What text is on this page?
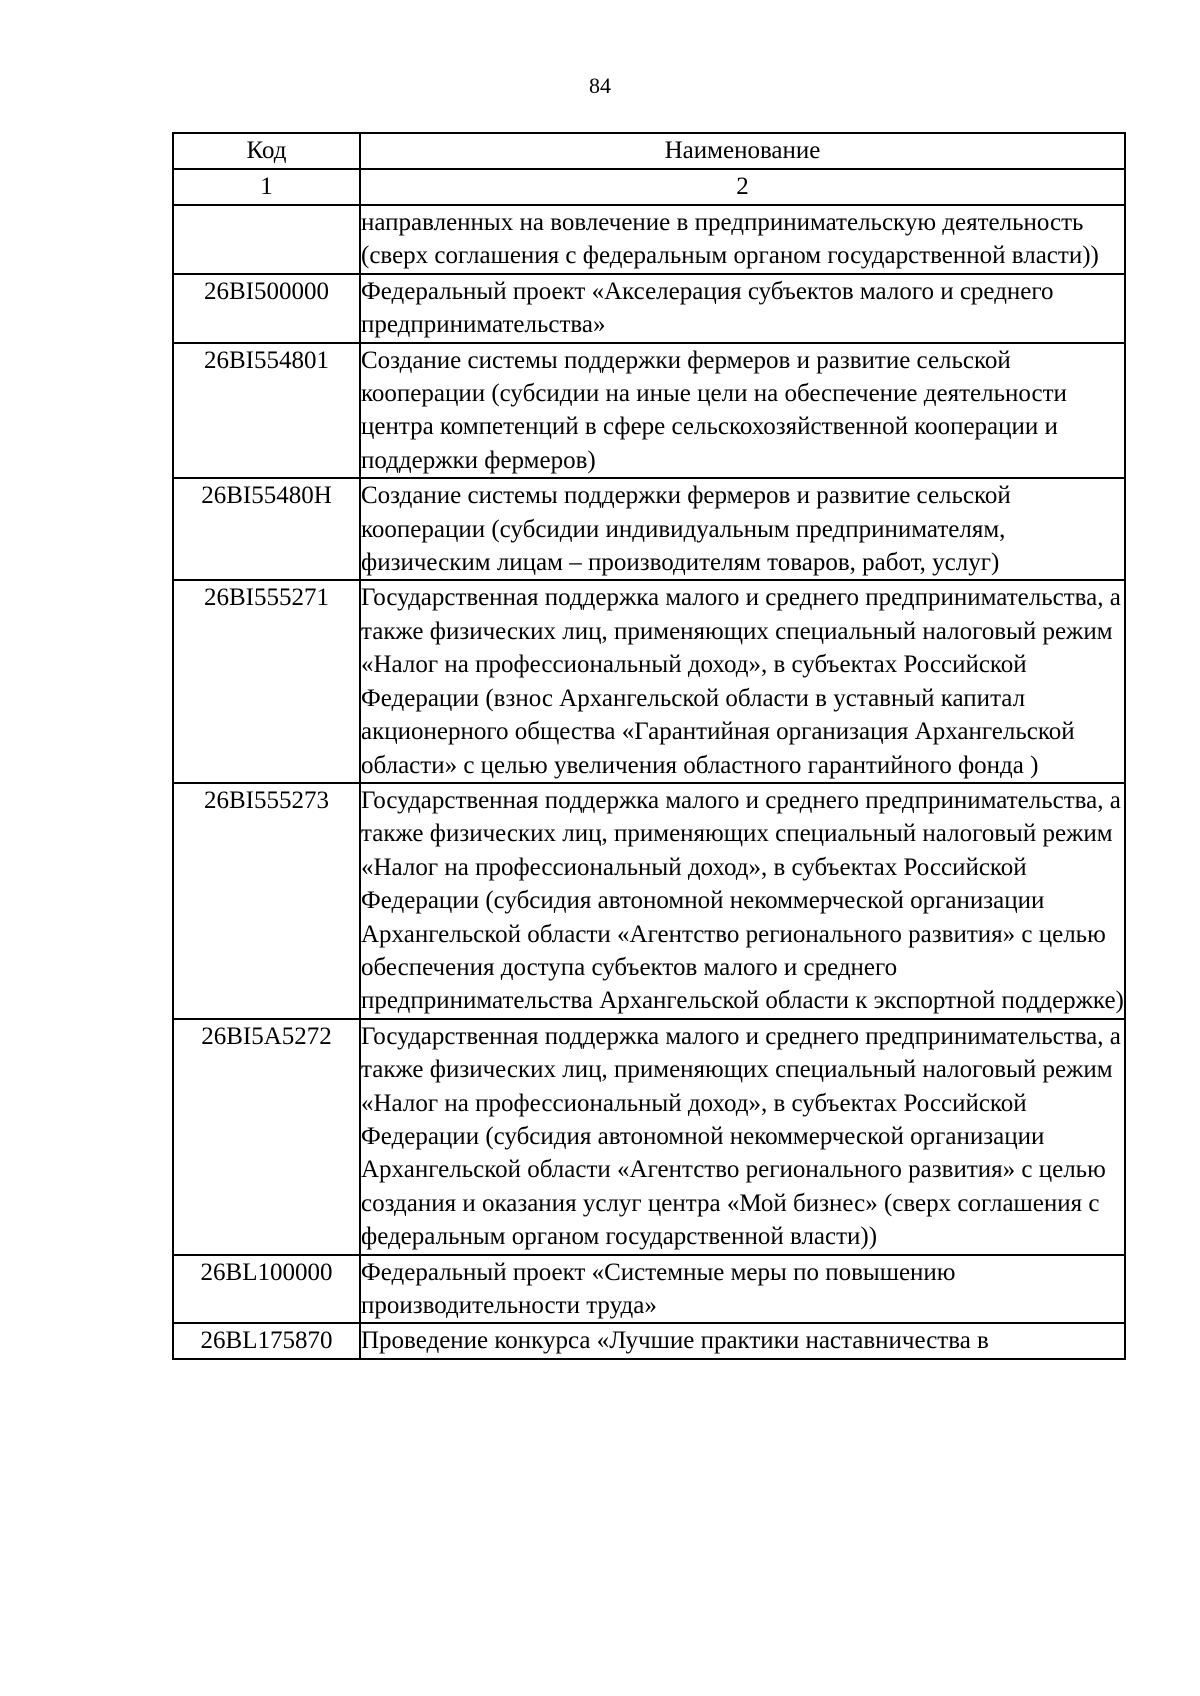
84
Код	Наименование
1	2
	направленных на вовлечение в предпринимательскую деятельность (сверх соглашения с федеральным органом государственной власти))
26BI500000	Федеральный проект «Акселерация субъектов малого и среднего предпринимательства»
26BI554801	Создание системы поддержки фермеров и развитие сельской кооперации (субсидии на иные цели на обеспечение деятельности центра компетенций в сфере сельскохозяйственной кооперации и поддержки фермеров)
26BI55480Н	Создание системы поддержки фермеров и развитие сельской кооперации (субсидии индивидуальным предпринимателям, физическим лицам – производителям товаров, работ, услуг)
26BI555271	Государственная поддержка малого и среднего предпринимательства, а также физических лиц, применяющих специальный налоговый режим «Налог на профессиональный доход», в субъектах Российской Федерации (взнос Архангельской области в уставный капитал акционерного общества «Гарантийная организация Архангельской области» с целью увеличения областного гарантийного фонда )
26BI555273	Государственная поддержка малого и среднего предпринимательства, а также физических лиц, применяющих специальный налоговый режим «Налог на профессиональный доход», в субъектах Российской Федерации (субсидия автономной некоммерческой организации Архангельской области «Агентство регионального развития» с целью обеспечения доступа субъектов малого и среднего предпринимательства Архангельской области к экспортной поддержке)
26BI5A5272	Государственная поддержка малого и среднего предпринимательства, а также физических лиц, применяющих специальный налоговый режим «Налог на профессиональный доход», в субъектах Российской Федерации (субсидия автономной некоммерческой организации Архангельской области «Агентство регионального развития» с целью создания и оказания услуг центра «Мой бизнес» (сверх соглашения с федеральным органом государственной власти))
26BL100000	Федеральный проект «Системные меры по повышению производительности труда»
26BL175870	Проведение конкурса «Лучшие практики наставничества в
